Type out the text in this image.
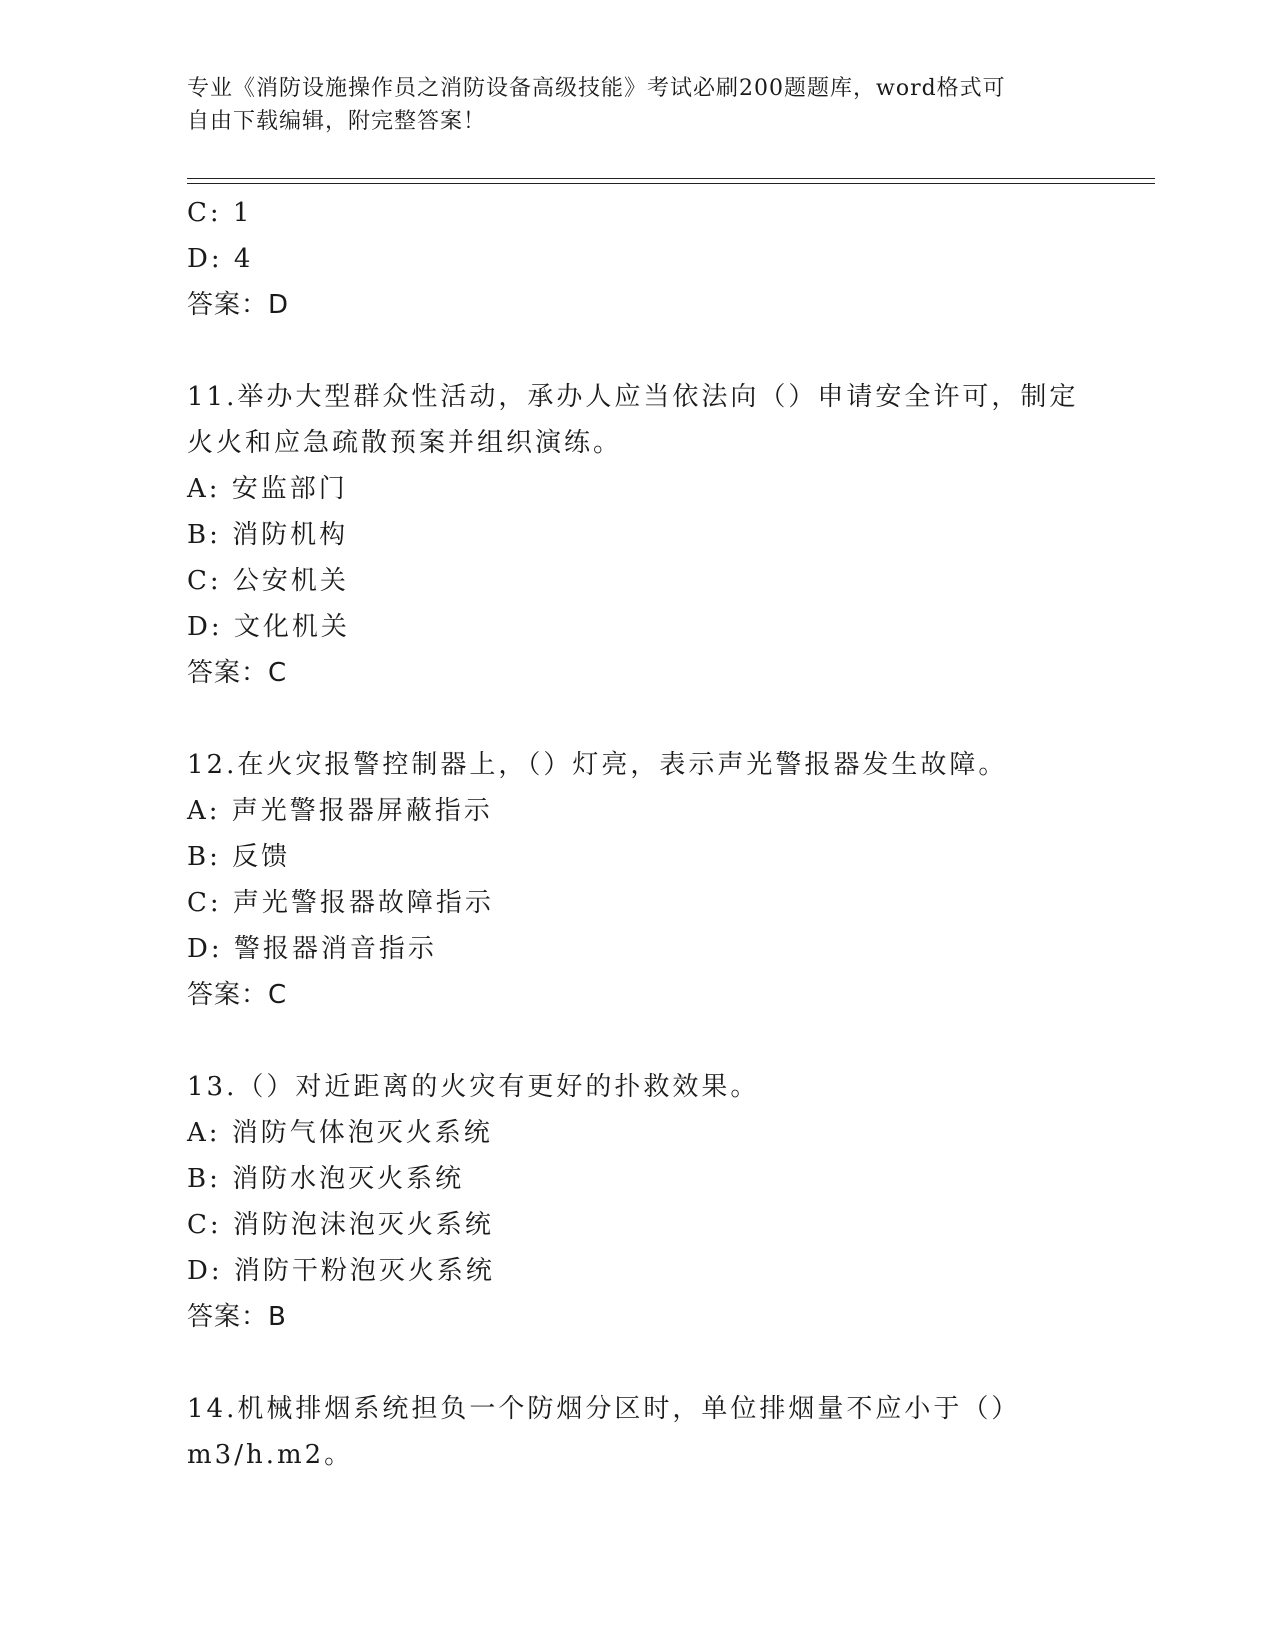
专业《消防设施操作员之消防设备高级技能》考试必刷200题题库，word格式可
自由下载编辑，附完整答案！
C: 1
D: 4
答案：D
11.举办大型群众性活动，承办人应当依法向（）申请安全许可，制定
火火和应急疏散预案并组织演练。
A: 安监部门
B: 消防机构
C: 公安机关
D: 文化机关
答案：C
12.在火灾报警控制器上，（）灯亮，表示声光警报器发生故障。
A: 声光警报器屏蔽指示
B: 反馈
C: 声光警报器故障指示
D: 警报器消音指示
答案：C
13.（）对近距离的火灾有更好的扑救效果。
A: 消防气体泡灭火系统
B: 消防水泡灭火系统
C: 消防泡沫泡灭火系统
D: 消防干粉泡灭火系统
答案：B
14.机械排烟系统担负一个防烟分区时，单位排烟量不应小于（）
m3/h.m2。
